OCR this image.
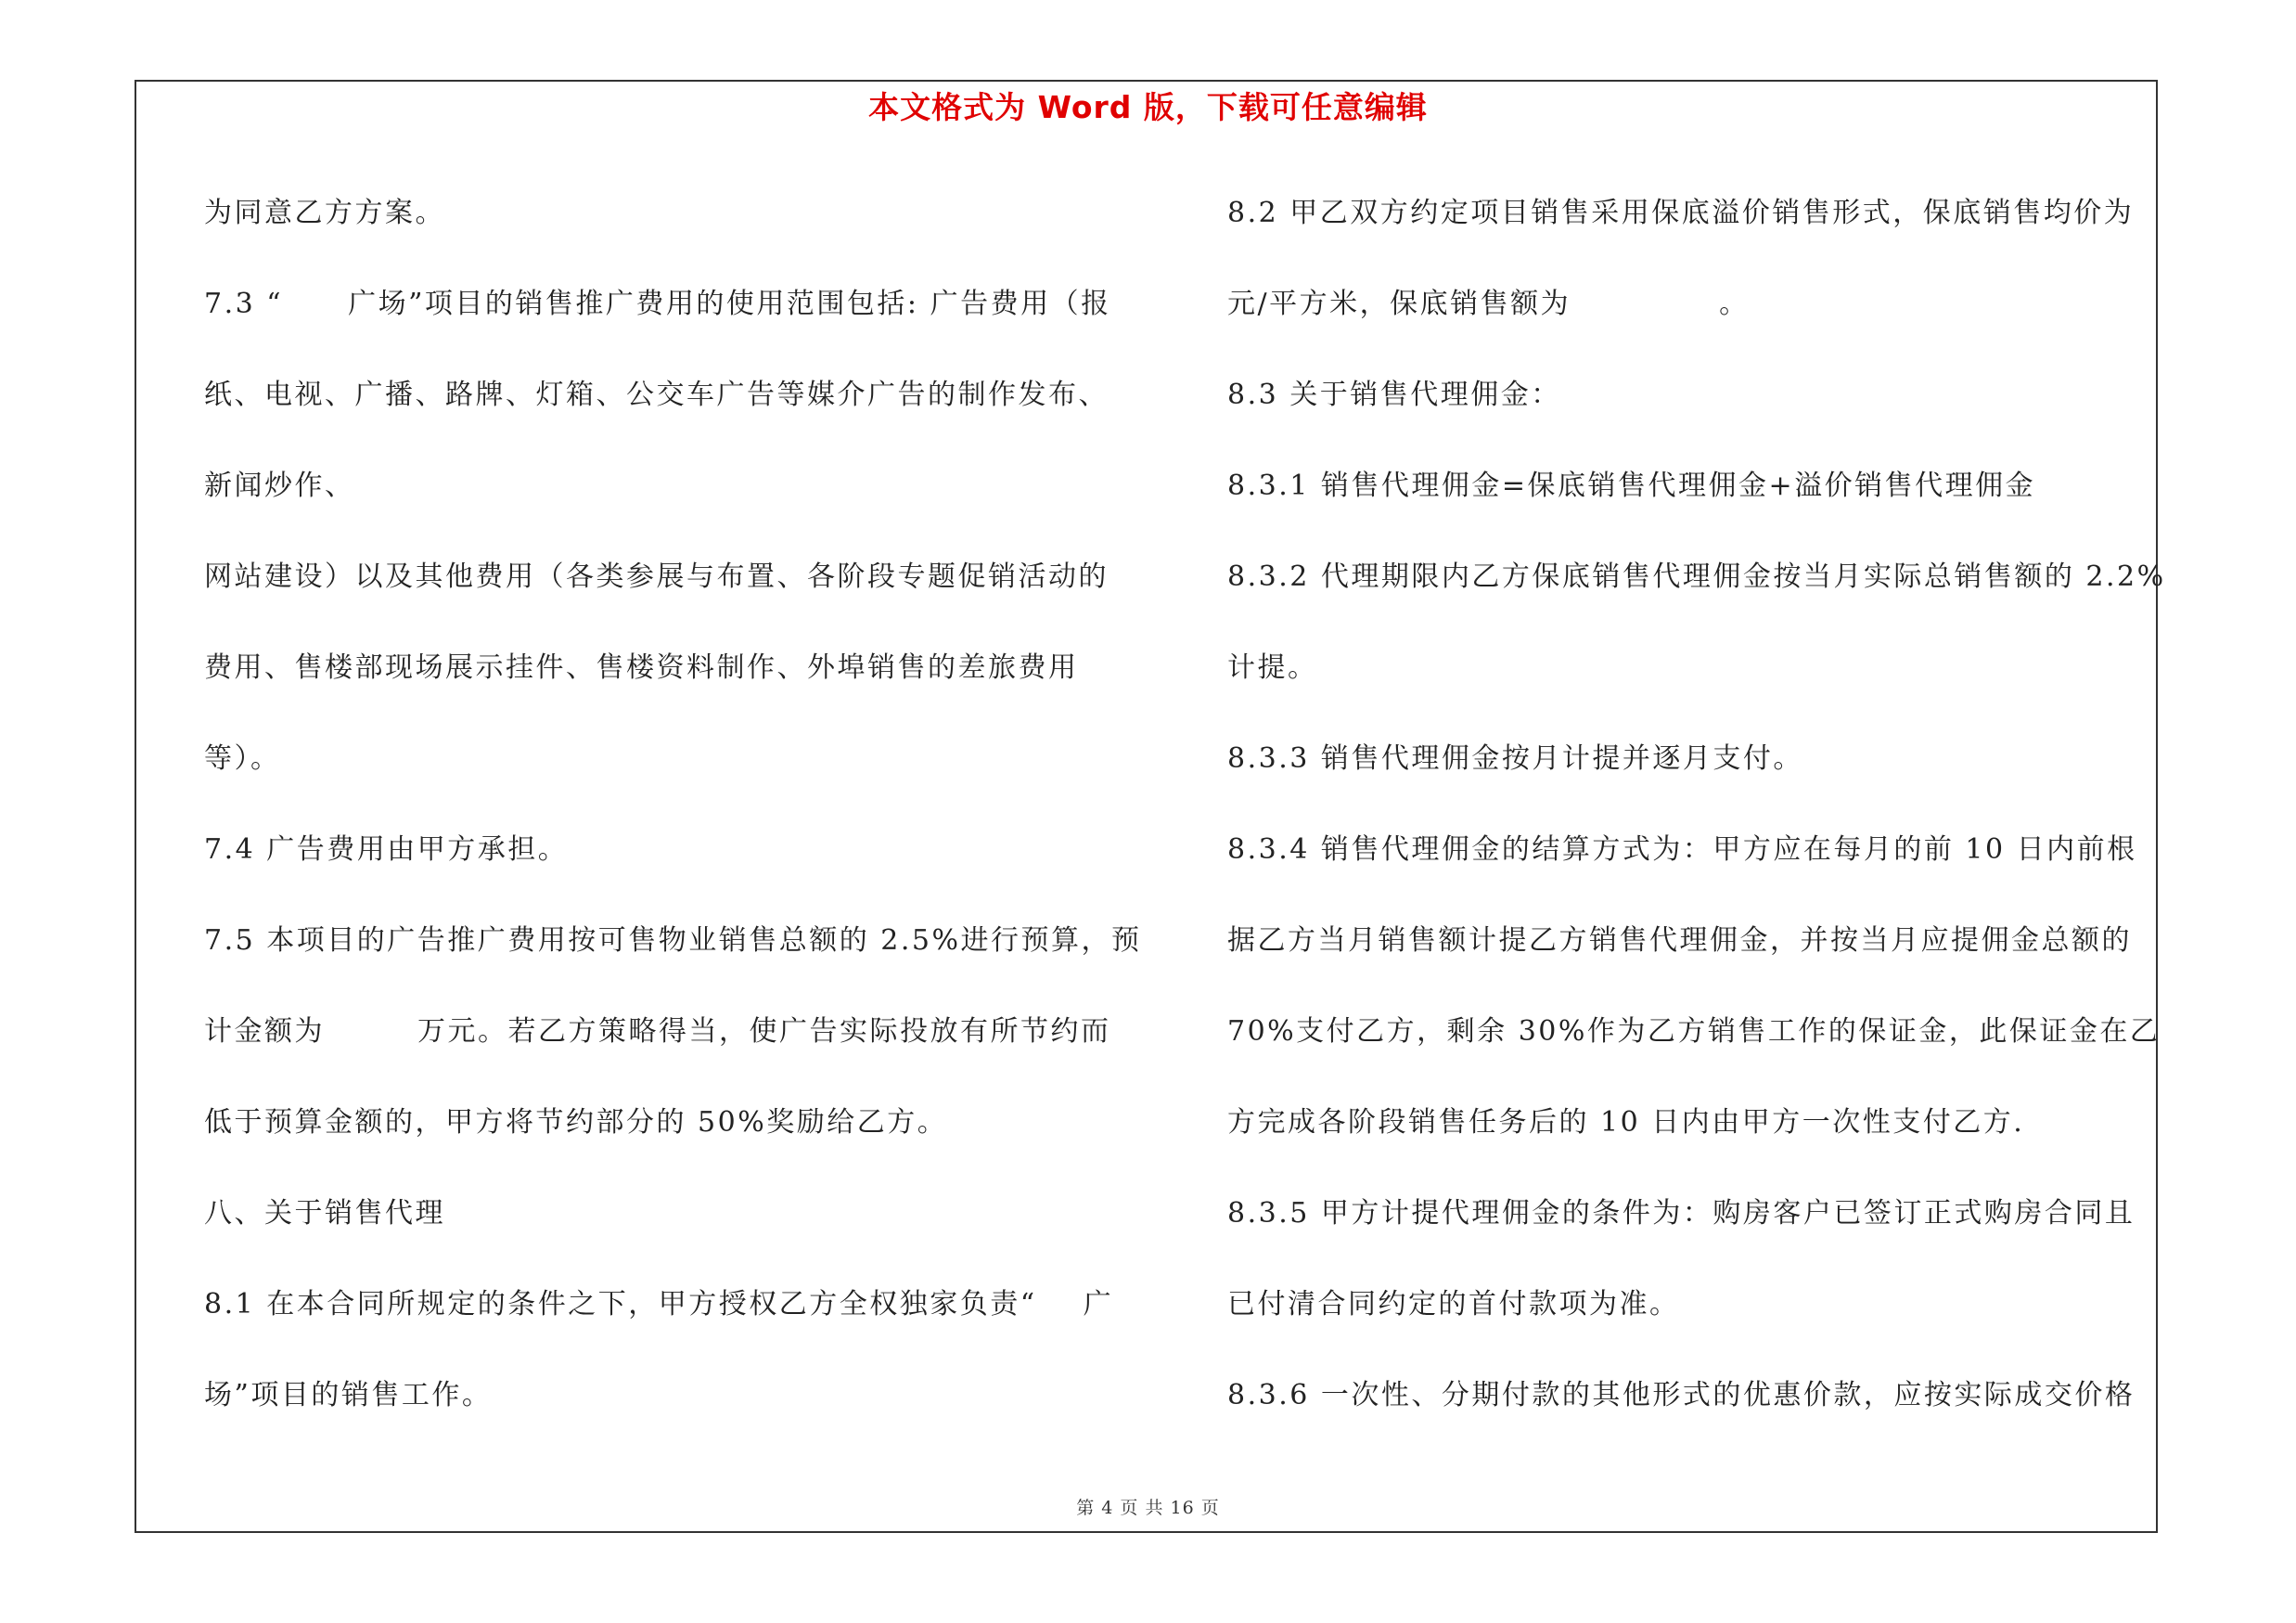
本文格式为 Word 版，下载可任意编辑
为同意乙方方案。
7.3 “ 广场”项目的销售推广费用的使用范围包括: 广告费用（报
纸、电视、广播、路牌、灯箱、公交车广告等媒介广告的制作发布、
新闻炒作、
网站建设）以及其他费用（各类参展与布置、各阶段专题促销活动的
费用、售楼部现场展示挂件、售楼资料制作、外埠销售的差旅费用
等）。
7.4 广告费用由甲方承担。
7.5 本项目的广告推广费用按可售物业销售总额的 2.5%进行预算，预
计金额为	万元。若乙方策略得当，使广告实际投放有所节约而
低于预算金额的，甲方将节约部分的 50%奖励给乙方。
八、关于销售代理
8.1 在本合同所规定的条件之下，甲方授权乙方全权独家负责“ 广
场”项目的销售工作。
8.2 甲乙双方约定项目销售采用保底溢价销售形式，保底销售均价为
元/平方米，保底销售额为	。
8.3 关于销售代理佣金：
8.3.1 销售代理佣金=保底销售代理佣金+溢价销售代理佣金
8.3.2 代理期限内乙方保底销售代理佣金按当月实际总销售额的 2.2%
计提。
8.3.3 销售代理佣金按月计提并逐月支付。
8.3.4 销售代理佣金的结算方式为：甲方应在每月的前 10 日内前根
据乙方当月销售额计提乙方销售代理佣金，并按当月应提佣金总额的
70%支付乙方，剩余 30%作为乙方销售工作的保证金，此保证金在乙
方完成各阶段销售任务后的 10 日内由甲方一次性支付乙方.
8.3.5 甲方计提代理佣金的条件为：购房客户已签订正式购房合同且
已付清合同约定的首付款项为准。
8.3.6 一次性、分期付款的其他形式的优惠价款，应按实际成交价格
第 4 页 共 16 页
